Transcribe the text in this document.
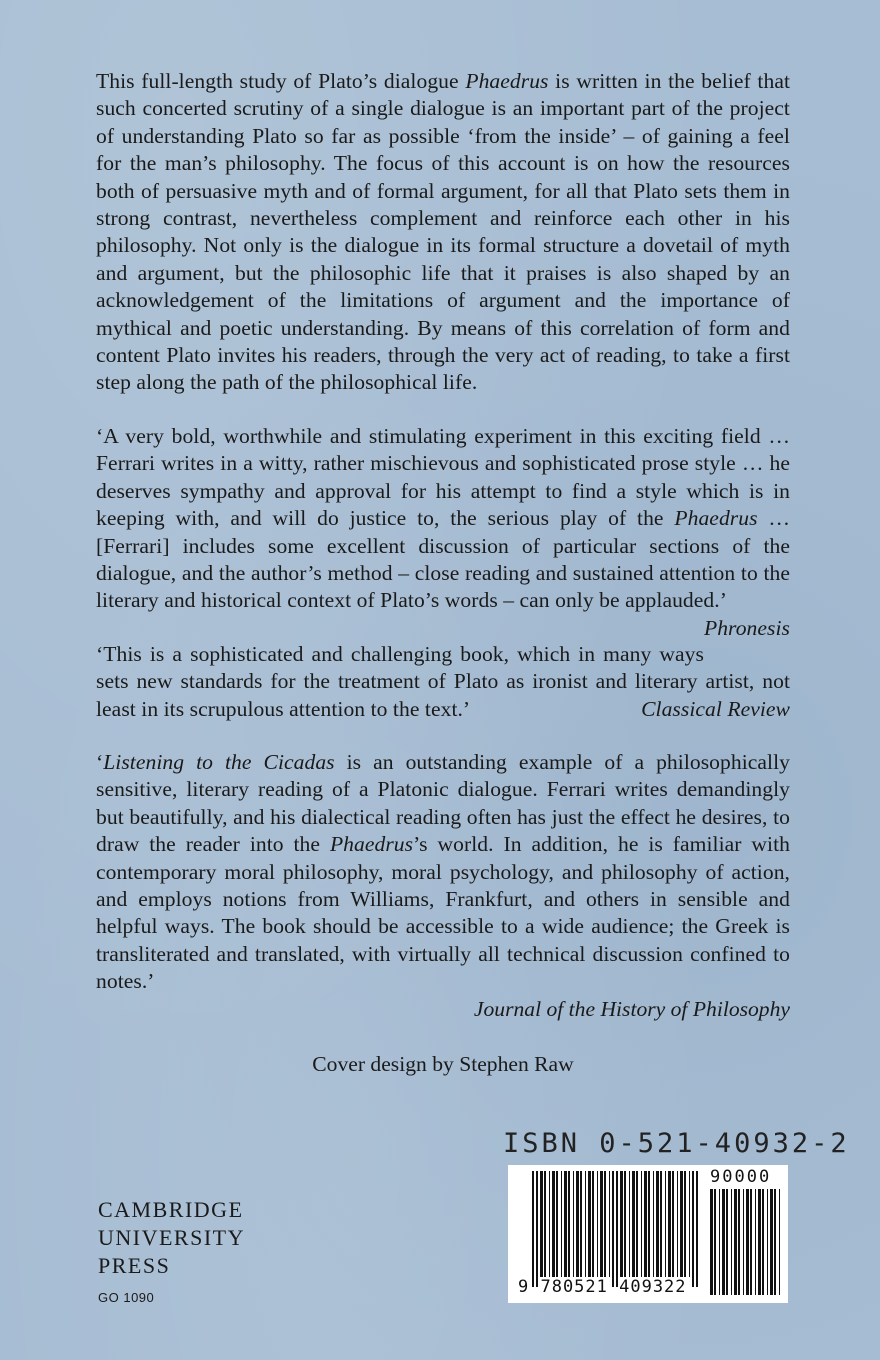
This full-length study of Plato’s dialogue Phaedrus is written in the belief that such concerted scrutiny of a single dialogue is an important part of the project of understanding Plato so far as possible ‘from the inside’ – of gaining a feel for the man’s philosophy. The focus of this account is on how the resources both of persuasive myth and of formal argument, for all that Plato sets them in strong contrast, nevertheless complement and reinforce each other in his philosophy. Not only is the dialogue in its formal structure a dovetail of myth and argument, but the philosophic life that it praises is also shaped by an acknowledgement of the limitations of argument and the importance of mythical and poetic understanding. By means of this correlation of form and content Plato invites his readers, through the very act of reading, to take a first step along the path of the philosophical life.

‘A very bold, worthwhile and stimulating experiment in this exciting field … Ferrari writes in a witty, rather mischievous and sophisticated prose style … he deserves sympathy and approval for his attempt to find a style which is in keeping with, and will do justice to, the serious play of the Phaedrus … [Ferrari] includes some excellent discussion of particular sections of the dialogue, and the author’s method – close reading and sustained attention to the literary and historical context of Plato’s words – can only be applauded.’
Phronesis

‘This is a sophisticated and challenging book, which in many ways sets new standards for the treatment of Plato as ironist and literary artist, not least in its scrupulous attention to the text.’	Classical Review

‘Listening to the Cicadas is an outstanding example of a philosophically sensitive, literary reading of a Platonic dialogue. Ferrari writes demandingly but beautifully, and his dialectical reading often has just the effect he desires, to draw the reader into the Phaedrus’s world. In addition, he is familiar with contemporary moral philosophy, moral psychology, and philosophy of action, and employs notions from Williams, Frankfurt, and others in sensible and helpful ways. The book should be accessible to a wide audience; the Greek is transliterated and translated, with virtually all technical discussion confined to notes.’

Journal of the History of Philosophy
Cover design by Stephen Raw
CAMBRIDGE
UNIVERSITY
PRESS
GO 1090
ISBN 0-521-40932-2
90000
9 780521 409322
